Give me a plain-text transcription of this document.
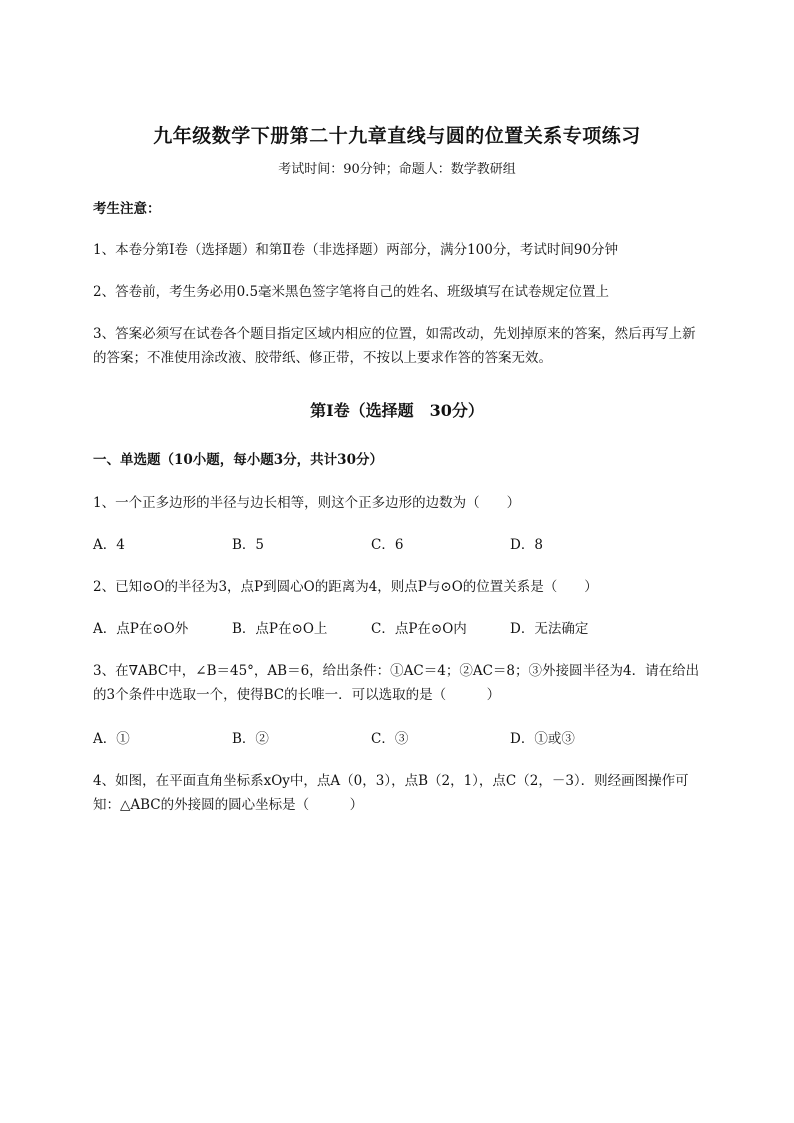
九年级数学下册第二十九章直线与圆的位置关系专项练习
考试时间：90分钟；命题人：数学教研组
考生注意：
1、本卷分第Ⅰ卷（选择题）和第Ⅱ卷（非选择题）两部分，满分100分，考试时间90分钟
2、答卷前，考生务必用0.5毫米黑色签字笔将自己的姓名、班级填写在试卷规定位置上
3、答案必须写在试卷各个题目指定区域内相应的位置，如需改动，先划掉原来的答案，然后再写上新的答案；不准使用涂改液、胶带纸、修正带，不按以上要求作答的答案无效。
第Ⅰ卷（选择题　30分）
一、单选题（10小题，每小题3分，共计30分）
1、一个正多边形的半径与边长相等，则这个正多边形的边数为（　　）
A．4	B．5	C．6	D．8
2、已知⊙O的半径为3，点P到圆心O的距离为4，则点P与⊙O的位置关系是（　　）
A．点P在⊙O外	B．点P在⊙O上	C．点P在⊙O内	D．无法确定
3、在∇ABC中，∠B＝45°，AB＝6，给出条件：①AC＝4；②AC＝8；③外接圆半径为4．请在给出的3个条件中选取一个，使得BC的长唯一．可以选取的是（　　　）
A．①	B．②	C．③	D．①或③
4、如图，在平面直角坐标系xOy中，点A（0，3），点B（2，1），点C（2，－3）．则经画图操作可知：△ABC的外接圆的圆心坐标是（　　　）
